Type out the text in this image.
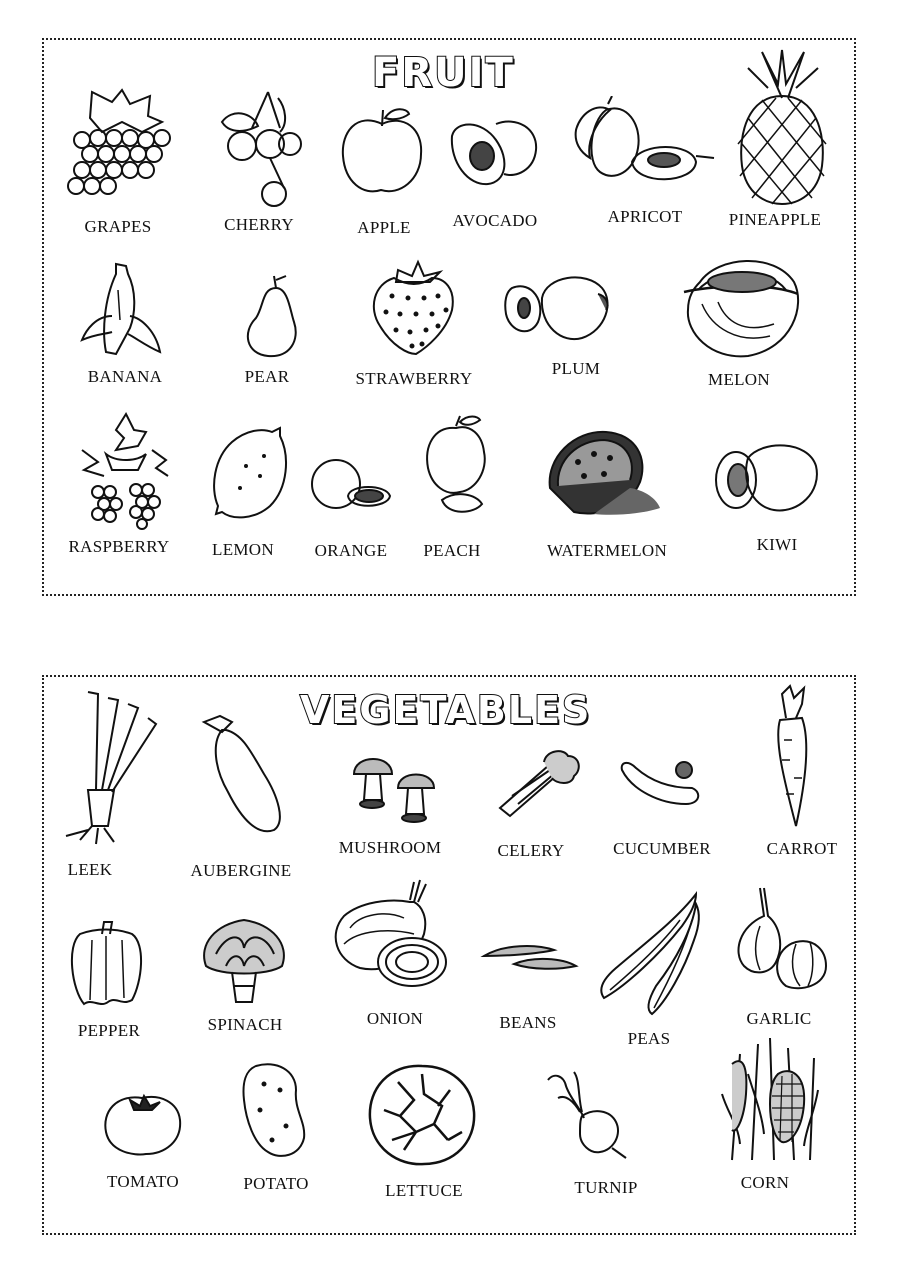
FRUIT
VEGETABLES
GRAPES	CHERRY	APPLE AVOCADO	APRICOT	PINEAPPLE
BANANA	PEAR	STRAWBERRY
PLUM
MELON
RASPBERRY	LEMON ORANGE PEACH	WATERMELON	KIWI
LEEK	AUBERGINE
MUSHROOM	CELERY	CUCUMBER	CARROT
PEPPER	SPINACH	ONION	BEANS
PEAS
GARLIC
TOMATO	POTATO	LETTUCE	TURNIP	CORN
